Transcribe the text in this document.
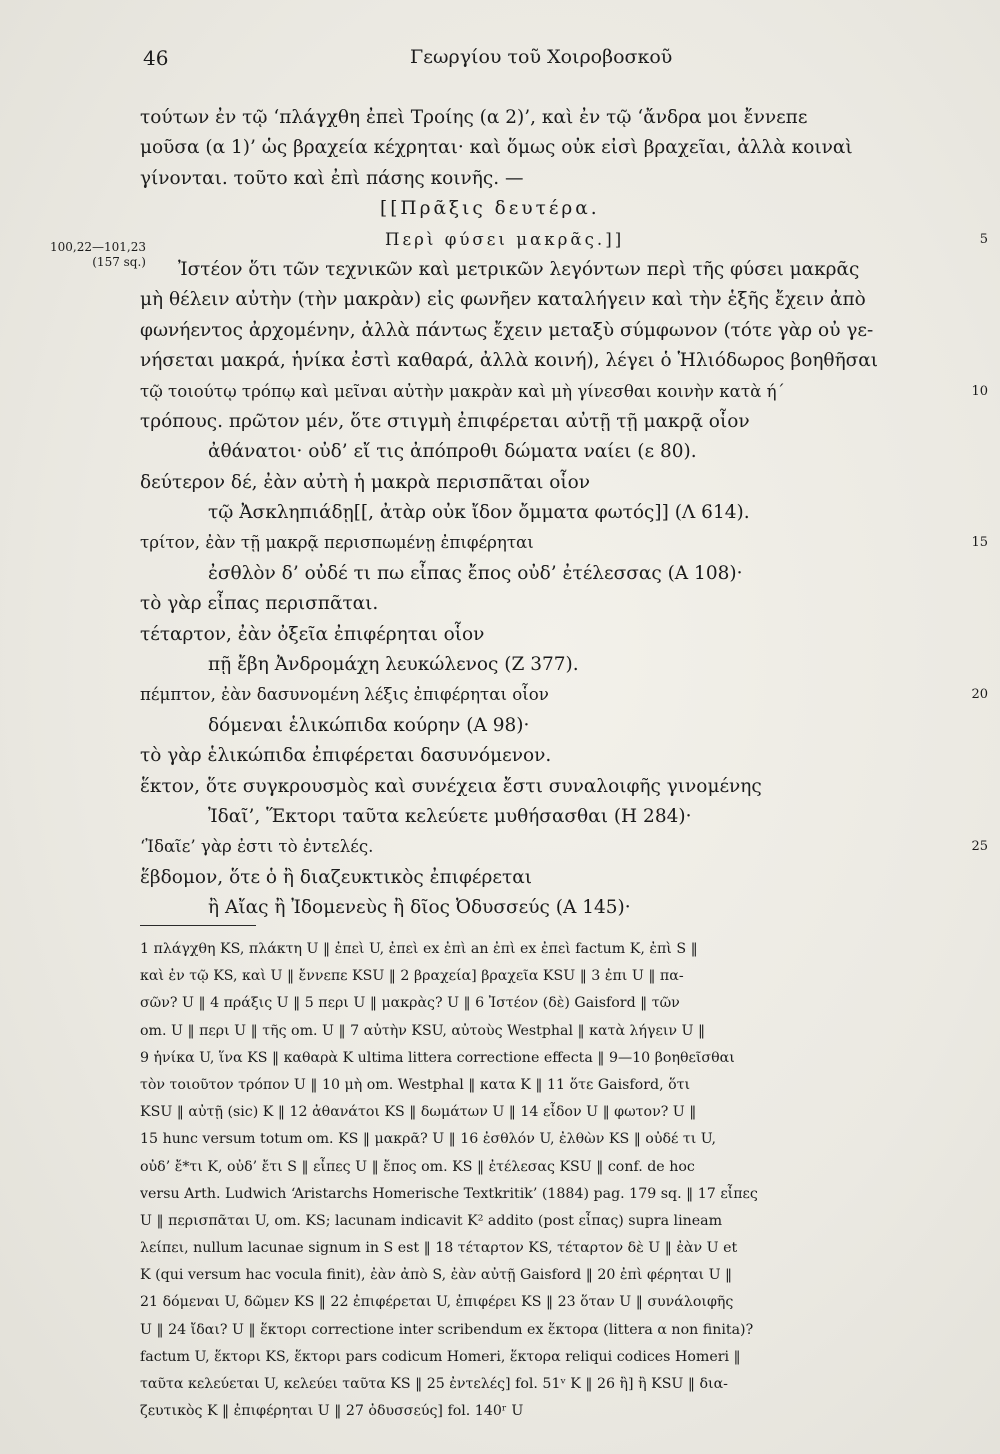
46	Γεωργίου τοῦ Χοιροβοσκοῦ
100,22—101,23
(157 sq.)
τούτων ἐν τῷ ‘πλάγχθη ἐπεὶ Τροίης (α 2)’, καὶ ἐν τῷ ‘ἄνδρα μοι ἔννεπε
μοῦσα (α 1)’ ὡς βραχεία κέχρηται· καὶ ὅμως οὐκ εἰσὶ βραχεῖαι, ἀλλὰ κοιναὶ
γίνονται. τοῦτο καὶ ἐπὶ πάσης κοινῆς. —
[[Πρᾶξις δευτέρα.
Περὶ φύσει μακρᾶς.]]	5
Ἰστέον ὅτι τῶν τεχνικῶν καὶ μετρικῶν λεγόντων περὶ τῆς φύσει μακρᾶς
μὴ θέλειν αὐτὴν (τὴν μακρὰν) εἰς φωνῆεν καταλήγειν καὶ τὴν ἑξῆς ἔχειν ἀπὸ
φωνήεντος ἀρχομένην, ἀλλὰ πάντως ἔχειν μεταξὺ σύμφωνον (τότε γὰρ οὐ γε-
νήσεται μακρά, ἡνίκα ἐστὶ καθαρά, ἀλλὰ κοινή), λέγει ὁ Ἡλιόδωρος βοηθῆσαι
τῷ τοιούτῳ τρόπῳ καὶ μεῖναι αὐτὴν μακρὰν καὶ μὴ γίνεσθαι κοινὴν κατὰ ή΄	10
τρόπους. πρῶτον μέν, ὅτε στιγμὴ ἐπιφέρεται αὐτῇ τῇ μακρᾷ οἷον
ἀθάνατοι· οὐδ’ εἴ τις ἀπόπροθι δώματα ναίει (ε 80).
δεύτερον δέ, ἐὰν αὐτὴ ἡ μακρὰ περισπᾶται οἷον
τῷ Ἀσκληπιάδῃ[[, ἀτὰρ οὐκ ἴδον ὄμματα φωτός]] (Λ 614).
τρίτον, ἐὰν τῇ μακρᾷ περισπωμένῃ ἐπιφέρηται	15
ἐσθλὸν δ’ οὐδέ τι πω εἶπας ἔπος οὐδ’ ἐτέλεσσας (Α 108)·
τὸ γὰρ εἶπας περισπᾶται.
τέταρτον, ἐὰν ὀξεῖα ἐπιφέρηται οἷον
πῇ ἔβη Ἀνδρομάχη λευκώλενος (Ζ 377).
πέμπτον, ἐὰν δασυνομένη λέξις ἐπιφέρηται οἷον	20
δόμεναι ἑλικώπιδα κούρην (Α 98)·
τὸ γὰρ ἑλικώπιδα ἐπιφέρεται δασυνόμενον.
ἕκτον, ὅτε συγκρουσμὸς καὶ συνέχεια ἔστι συναλοιφῆς γινομένης
Ἰδαῖ’, Ἕκτορι ταῦτα κελεύετε μυθήσασθαι (Η 284)·
‘Ἰδαῖε’ γὰρ ἐστι τὸ ἐντελές.	25
ἕβδομον, ὅτε ὁ ἢ διαζευκτικὸς ἐπιφέρεται
ἢ Αἴας ἢ Ἰδομενεὺς ἢ δῖος Ὀδυσσεύς (Α 145)·
1 πλάγχθη KS, πλάκτη U ‖ ἐπεὶ U, ἐπεὶ ex ἐπὶ an ἐπὶ ex ἐπεὶ factum K, ἐπὶ S ‖
καὶ ἐν τῷ KS, καὶ U ‖ ἔννεπε KSU ‖ 2 βραχεία] βραχεῖα KSU ‖ 3 ἐπι U ‖ πα-
σῶν? U ‖ 4 πράξις U ‖ 5 περι U ‖ μακρὰς? U ‖ 6 Ἰστέον (δὲ) Gaisford ‖ τῶν
om. U ‖ περι U ‖ τῆς om. U ‖ 7 αὐτὴν KSU, αὐτοὺς Westphal ‖ κατὰ λήγειν U ‖
9 ἡνίκα U, ἵνα KS ‖ καθαρὰ K ultima littera correctione effecta ‖ 9—10 βοηθεῖσθαι
τὸν τοιοῦτον τρόπον U ‖ 10 μὴ om. Westphal ‖ κατα K ‖ 11 ὅτε Gaisford, ὅτι
KSU ‖ αὐτῇ (sic) K ‖ 12 ἀθανάτοι KS ‖ δωμάτων U ‖ 14 εἶδον U ‖ φωτον? U ‖
15 hunc versum totum om. KS ‖ μακρᾶ? U ‖ 16 ἐσθλόν U, ἐλθὼν KS ‖ οὐδέ τι U,
οὐδ’ ἔ*τι K, οὐδ’ ἔτι S ‖ εἶπες U ‖ ἔπος om. KS ‖ ἐτέλεσας KSU ‖ conf. de hoc
versu Arth. Ludwich ‘Aristarchs Homerische Textkritik’ (1884) pag. 179 sq. ‖ 17 εἶπες
U ‖ περισπᾶται U, om. KS; lacunam indicavit K² addito (post εἶπας) supra lineam
λείπει, nullum lacunae signum in S est ‖ 18 τέταρτον KS, τέταρτον δὲ U ‖ ἐὰν U et
K (qui versum hac vocula finit), ἐὰν ἀπὸ S, ἐὰν αὐτῇ Gaisford ‖ 20 ἐπὶ φέρηται U ‖
21 δόμεναι U, δῶμεν KS ‖ 22 ἐπιφέρεται U, ἐπιφέρει KS ‖ 23 ὅταν U ‖ συνάλοιφῆς
U ‖ 24 ἴδαι? U ‖ ἕκτορι correctione inter scribendum ex ἕκτορα (littera α non finita)?
factum U, ἕκτορι KS, ἕκτορι pars codicum Homeri, ἕκτορα reliqui codices Homeri ‖
ταῦτα κελεύεται U, κελεύει ταῦτα KS ‖ 25 ἐντελές] fol. 51ᵛ K ‖ 26 ἢ] ἢ KSU ‖ δια-
ζευτικὸς K ‖ ἐπιφέρηται U ‖ 27 ὀδυσσεύς] fol. 140ʳ U
